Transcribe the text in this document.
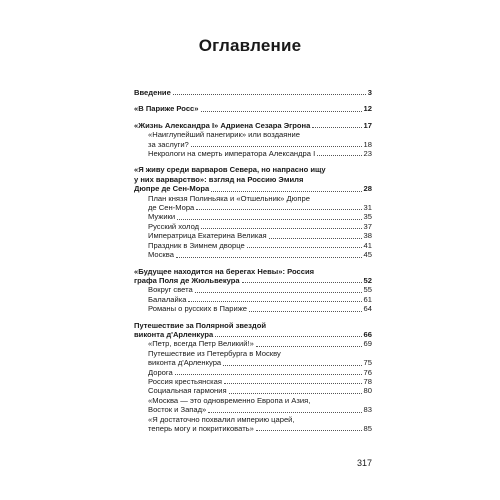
Оглавление
Введение	3
«В Париже Росс»	12
«Жизнь Александра I» Адриена Сезара Эгрона	17
«Наиглупейший панегирик» или воздаяние
за заслуги?	18
Некрологи на смерть императора Александра I	23
«Я живу среди варваров Севера, но напрасно ищу
у них варварство»: взгляд на Россию Эмиля
Дюпре де Сен-Мора	28
План князя Полиньяка и «Отшельник» Дюпре
де Сен-Мора	31
Мужики	35
Русский холод	37
Императрица Екатерина Великая	38
Праздник в Зимнем дворце	41
Москва	45
«Будущее находится на берегах Невы»: Россия
графа Поля де Жюльвекура	52
Вокруг света	55
Балалайка	61
Романы о русских в Париже	64
Путешествие за Полярной звездой
виконта д'Арленкура	66
«Петр, всегда Петр Великий!»	69
Путешествие из Петербурга в Москву
виконта д'Арленкура	75
Дорога	76
Россия крестьянская	78
Социальная гармония	80
«Москва — это одновременно Европа и Азия,
Восток и Запад»	83
«Я достаточно похвалил империю царей,
теперь могу и покритиковать»	85
317
